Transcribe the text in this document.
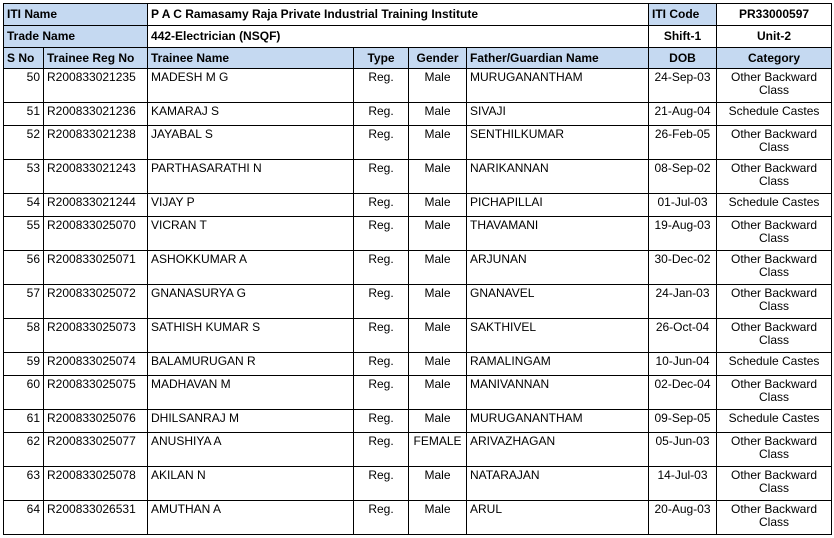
ITI Name		P A C Ramasamy Raja Private Industrial Training Institute				ITI Code	PR33000597
Trade Name		442-Electrician (NSQF)				Shift-1	Unit-2
S No	Trainee Reg No	Trainee Name	Type	Gender	Father/Guardian Name	DOB	Category
50	R200833021235	MADESH M G	Reg.	Male	MURUGANANTHAM	24-Sep-03	Other Backward Class
51	R200833021236	KAMARAJ S	Reg.	Male	SIVAJI	21-Aug-04	Schedule Castes
52	R200833021238	JAYABAL S	Reg.	Male	SENTHILKUMAR	26-Feb-05	Other Backward Class
53	R200833021243	PARTHASARATHI N	Reg.	Male	NARIKANNAN	08-Sep-02	Other Backward Class
54	R200833021244	VIJAY P	Reg.	Male	PICHAPILLAI	01-Jul-03	Schedule Castes
55	R200833025070	VICRAN T	Reg.	Male	THAVAMANI	19-Aug-03	Other Backward Class
56	R200833025071	ASHOKKUMAR A	Reg.	Male	ARJUNAN	30-Dec-02	Other Backward Class
57	R200833025072	GNANASURYA G	Reg.	Male	GNANAVEL	24-Jan-03	Other Backward Class
58	R200833025073	SATHISH KUMAR S	Reg.	Male	SAKTHIVEL	26-Oct-04	Other Backward Class
59	R200833025074	BALAMURUGAN R	Reg.	Male	RAMALINGAM	10-Jun-04	Schedule Castes
60	R200833025075	MADHAVAN M	Reg.	Male	MANIVANNAN	02-Dec-04	Other Backward Class
61	R200833025076	DHILSANRAJ M	Reg.	Male	MURUGANANTHAM	09-Sep-05	Schedule Castes
62	R200833025077	ANUSHIYA A	Reg.	FEMALE	ARIVAZHAGAN	05-Jun-03	Other Backward Class
63	R200833025078	AKILAN N	Reg.	Male	NATARAJAN	14-Jul-03	Other Backward Class
64	R200833026531	AMUTHAN A	Reg.	Male	ARUL	20-Aug-03	Other Backward Class
